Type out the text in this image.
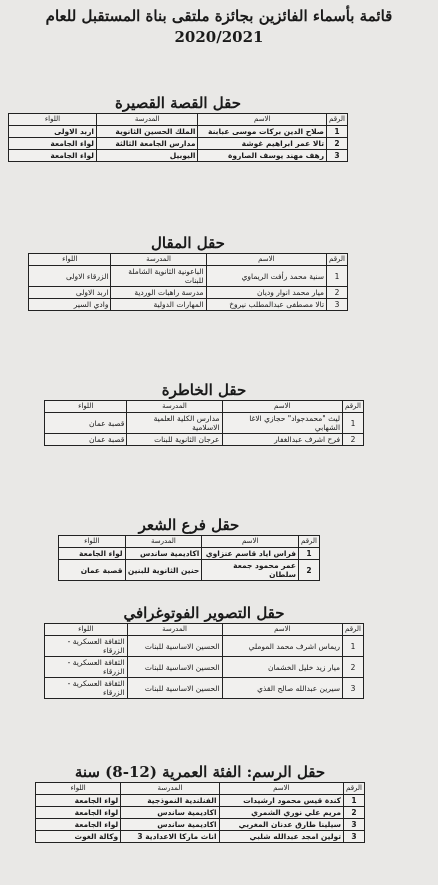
قائمة بأسماء الفائزين بجائزة ملتقى بناة المستقبل للعام
2020/2021
حقل القصة القصيرة
الرقم	الاسم	المدرسة	اللواء
1	صلاح الدين بركات موسى عبابنة	الملك الحسين الثانوية	اربد الاولى
2	تالا عمر ابراهيم غوشة	مدارس الجامعة الثالثة	لواء الجامعة
3	رهف مهند يوسف الصاروة	اليوبيل	لواء الجامعة
حقل المقال
الرقم	الاسم	المدرسة	اللواء
1	سنية محمد رأفت الريماوي	الباعونية الثانوية الشاملة للبنات	الزرقاء الاولى
2	ميار محمد انوار وديان	مدرسة راهبات الوردية	اربد الاولى
3	تالا مصطفى عبدالمطلب نيروخ	المهارات الدولية	وادي السير
حقل الخاطرة
الرقم	الاسم	المدرسة	اللواء
1	ليث "محمدجواد" حجازي الاغا الشهابي	مدارس الكلية العلمية الاسلامية	قصبة عمان
2	فرح اشرف عبدالغفار	عرجان الثانوية للبنات	قصبة عمان
حقل فرع الشعر
الرقم	الاسم	المدرسة	اللواء
1	فراس اياد قاسم عنزاوي	اكاديمية ساندس	لواء الجامعة
2	عمر محمود جمعة سلطان	حنين الثانوية للبنين	قصبة عمان
حقل التصوير الفوتوغرافي
الرقم	الاسم	المدرسة	اللواء
1	ريماس اشرف محمد الموملي	الحسين الاساسية للبنات	الثقافة العسكرية - الزرقاء
2	ميار زيد خليل الخشمان	الحسين الاساسية للبنات	الثقافة العسكرية - الزرقاء
3	سيرين عبدالله صالح القذي	الحسين الاساسية للبنات	الثقافة العسكرية - الزرقاء
حقل الرسم: الفئة العمرية (12-8) سنة
الرقم	الاسم	المدرسة	اللواء
1	كندة قيس محمود ارشيدات	الفنلندية النموذجية	لواء الجامعة
2	مريم علي نوري الشمري	اكاديمية ساندس	لواء الجامعة
3	سيلينا طارق عدنان المغربي	اكاديمية ساندس	لواء الجامعة
3	تولين امجد عبدالله شلبي	اناث ماركا الاعدادية 3	وكالة الغوث
